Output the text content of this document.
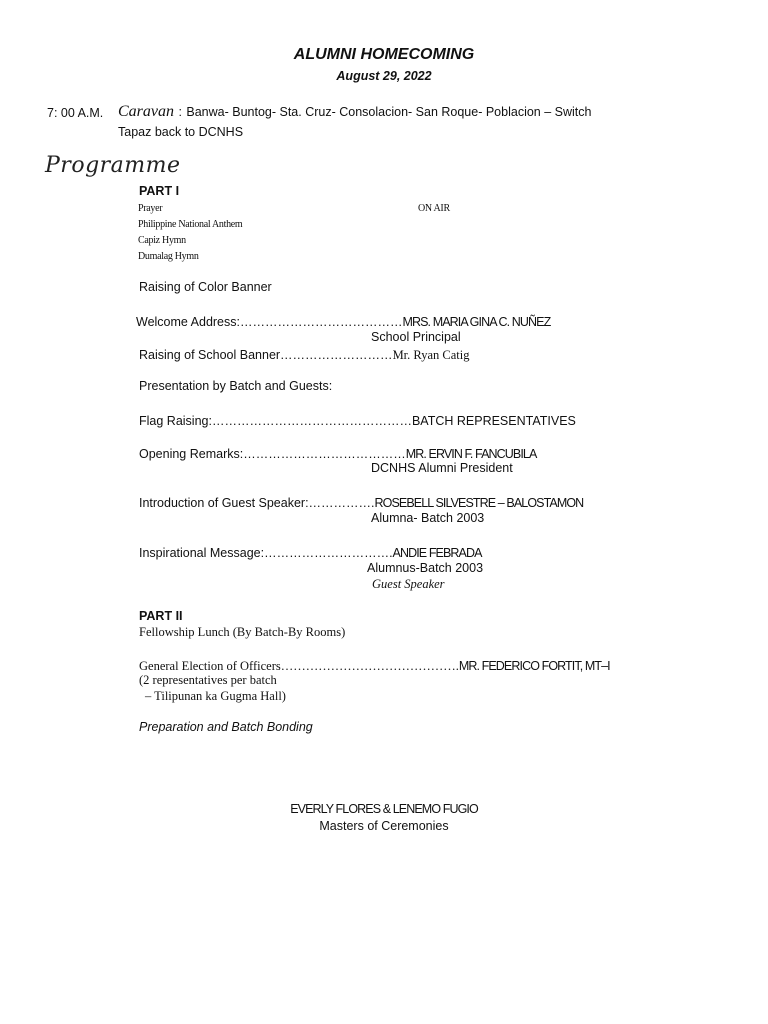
ALUMNI HOMECOMING
August 29, 2022
7: 00 A.M. Caravan : Banwa- Buntog- Sta. Cruz- Consolacion- San Roque- Poblacion – Switch
Tapaz back to DCNHS
Programme
PART I
Prayer	ON AIR
Philippine National Anthem
Capiz Hymn
Dumalag Hymn
Raising of Color Banner
Welcome Address:…………………………………MRS. MARIA GINA C. NUÑEZ
School Principal
Raising of School Banner………………………Mr. Ryan Catig
Presentation by Batch and Guests:
Flag Raising:…………………………………………BATCH REPRESENTATIVES
Opening Remarks:…………………………………MR. ERVIN F. FANCUBILA
DCNHS Alumni President
Introduction of Guest Speaker:…………….ROSEBELL SILVESTRE – BALOSTAMON
Alumna- Batch 2003
Inspirational Message:………………………….ANDIE FEBRADA
Alumnus-Batch 2003
Guest Speaker
PART II
Fellowship Lunch (By Batch-By Rooms)
General Election of Officers…………………………………….MR. FEDERICO FORTIT, MT–I
(2 representatives per batch
– Tilipunan ka Gugma Hall)
Preparation and Batch Bonding
EVERLY FLORES & LENEMO FUGIO
Masters of Ceremonies
